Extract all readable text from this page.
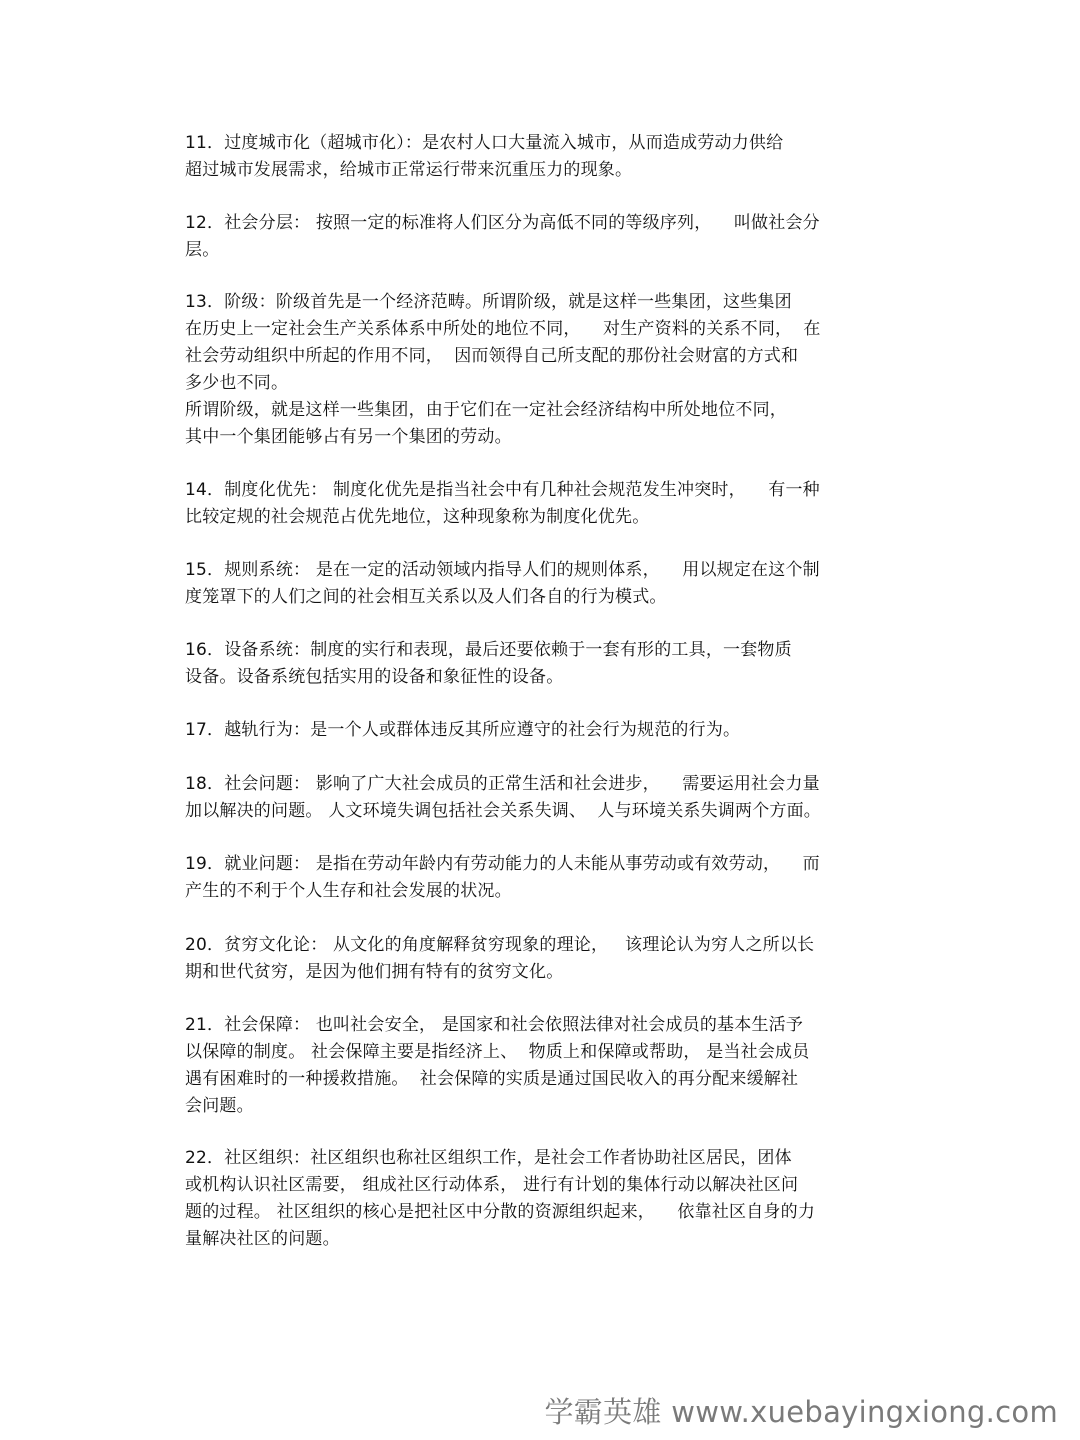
11．过度城市化（超城市化）：是农村人口大量流入城市，从而造成劳动力供给
超过城市发展需求，给城市正常运行带来沉重压力的现象。
12．社会分层： 按照一定的标准将人们区分为高低不同的等级序列，    叫做社会分
层。
13．阶级：阶级首先是一个经济范畴。所谓阶级，就是这样一些集团，这些集团
在历史上一定社会生产关系体系中所处的地位不同，    对生产资料的关系不同，  在
社会劳动组织中所起的作用不同，  因而领得自己所支配的那份社会财富的方式和
多少也不同。
所谓阶级，就是这样一些集团，由于它们在一定社会经济结构中所处地位不同，
其中一个集团能够占有另一个集团的劳动。
14．制度化优先： 制度化优先是指当社会中有几种社会规范发生冲突时，    有一种
比较定规的社会规范占优先地位，这种现象称为制度化优先。
15．规则系统： 是在一定的活动领域内指导人们的规则体系，    用以规定在这个制
度笼罩下的人们之间的社会相互关系以及人们各自的行为模式。
16．设备系统：制度的实行和表现，最后还要依赖于一套有形的工具，一套物质
设备。设备系统包括实用的设备和象征性的设备。
17．越轨行为：是一个人或群体违反其所应遵守的社会行为规范的行为。
18．社会问题： 影响了广大社会成员的正常生活和社会进步，    需要运用社会力量
加以解决的问题。 人文环境失调包括社会关系失调、  人与环境关系失调两个方面。
19．就业问题： 是指在劳动年龄内有劳动能力的人未能从事劳动或有效劳动，    而
产生的不利于个人生存和社会发展的状况。
20．贫穷文化论： 从文化的角度解释贫穷现象的理论，   该理论认为穷人之所以长
期和世代贫穷，是因为他们拥有特有的贫穷文化。
21．社会保障： 也叫社会安全， 是国家和社会依照法律对社会成员的基本生活予
以保障的制度。 社会保障主要是指经济上、  物质上和保障或帮助， 是当社会成员
遇有困难时的一种援救措施。  社会保障的实质是通过国民收入的再分配来缓解社
会问题。
22．社区组织：社区组织也称社区组织工作，是社会工作者协助社区居民，团体
或机构认识社区需要， 组成社区行动体系， 进行有计划的集体行动以解决社区问
题的过程。 社区组织的核心是把社区中分散的资源组织起来，    依靠社区自身的力
量解决社区的问题。
学霸英雄 www.xuebayingxiong.com
